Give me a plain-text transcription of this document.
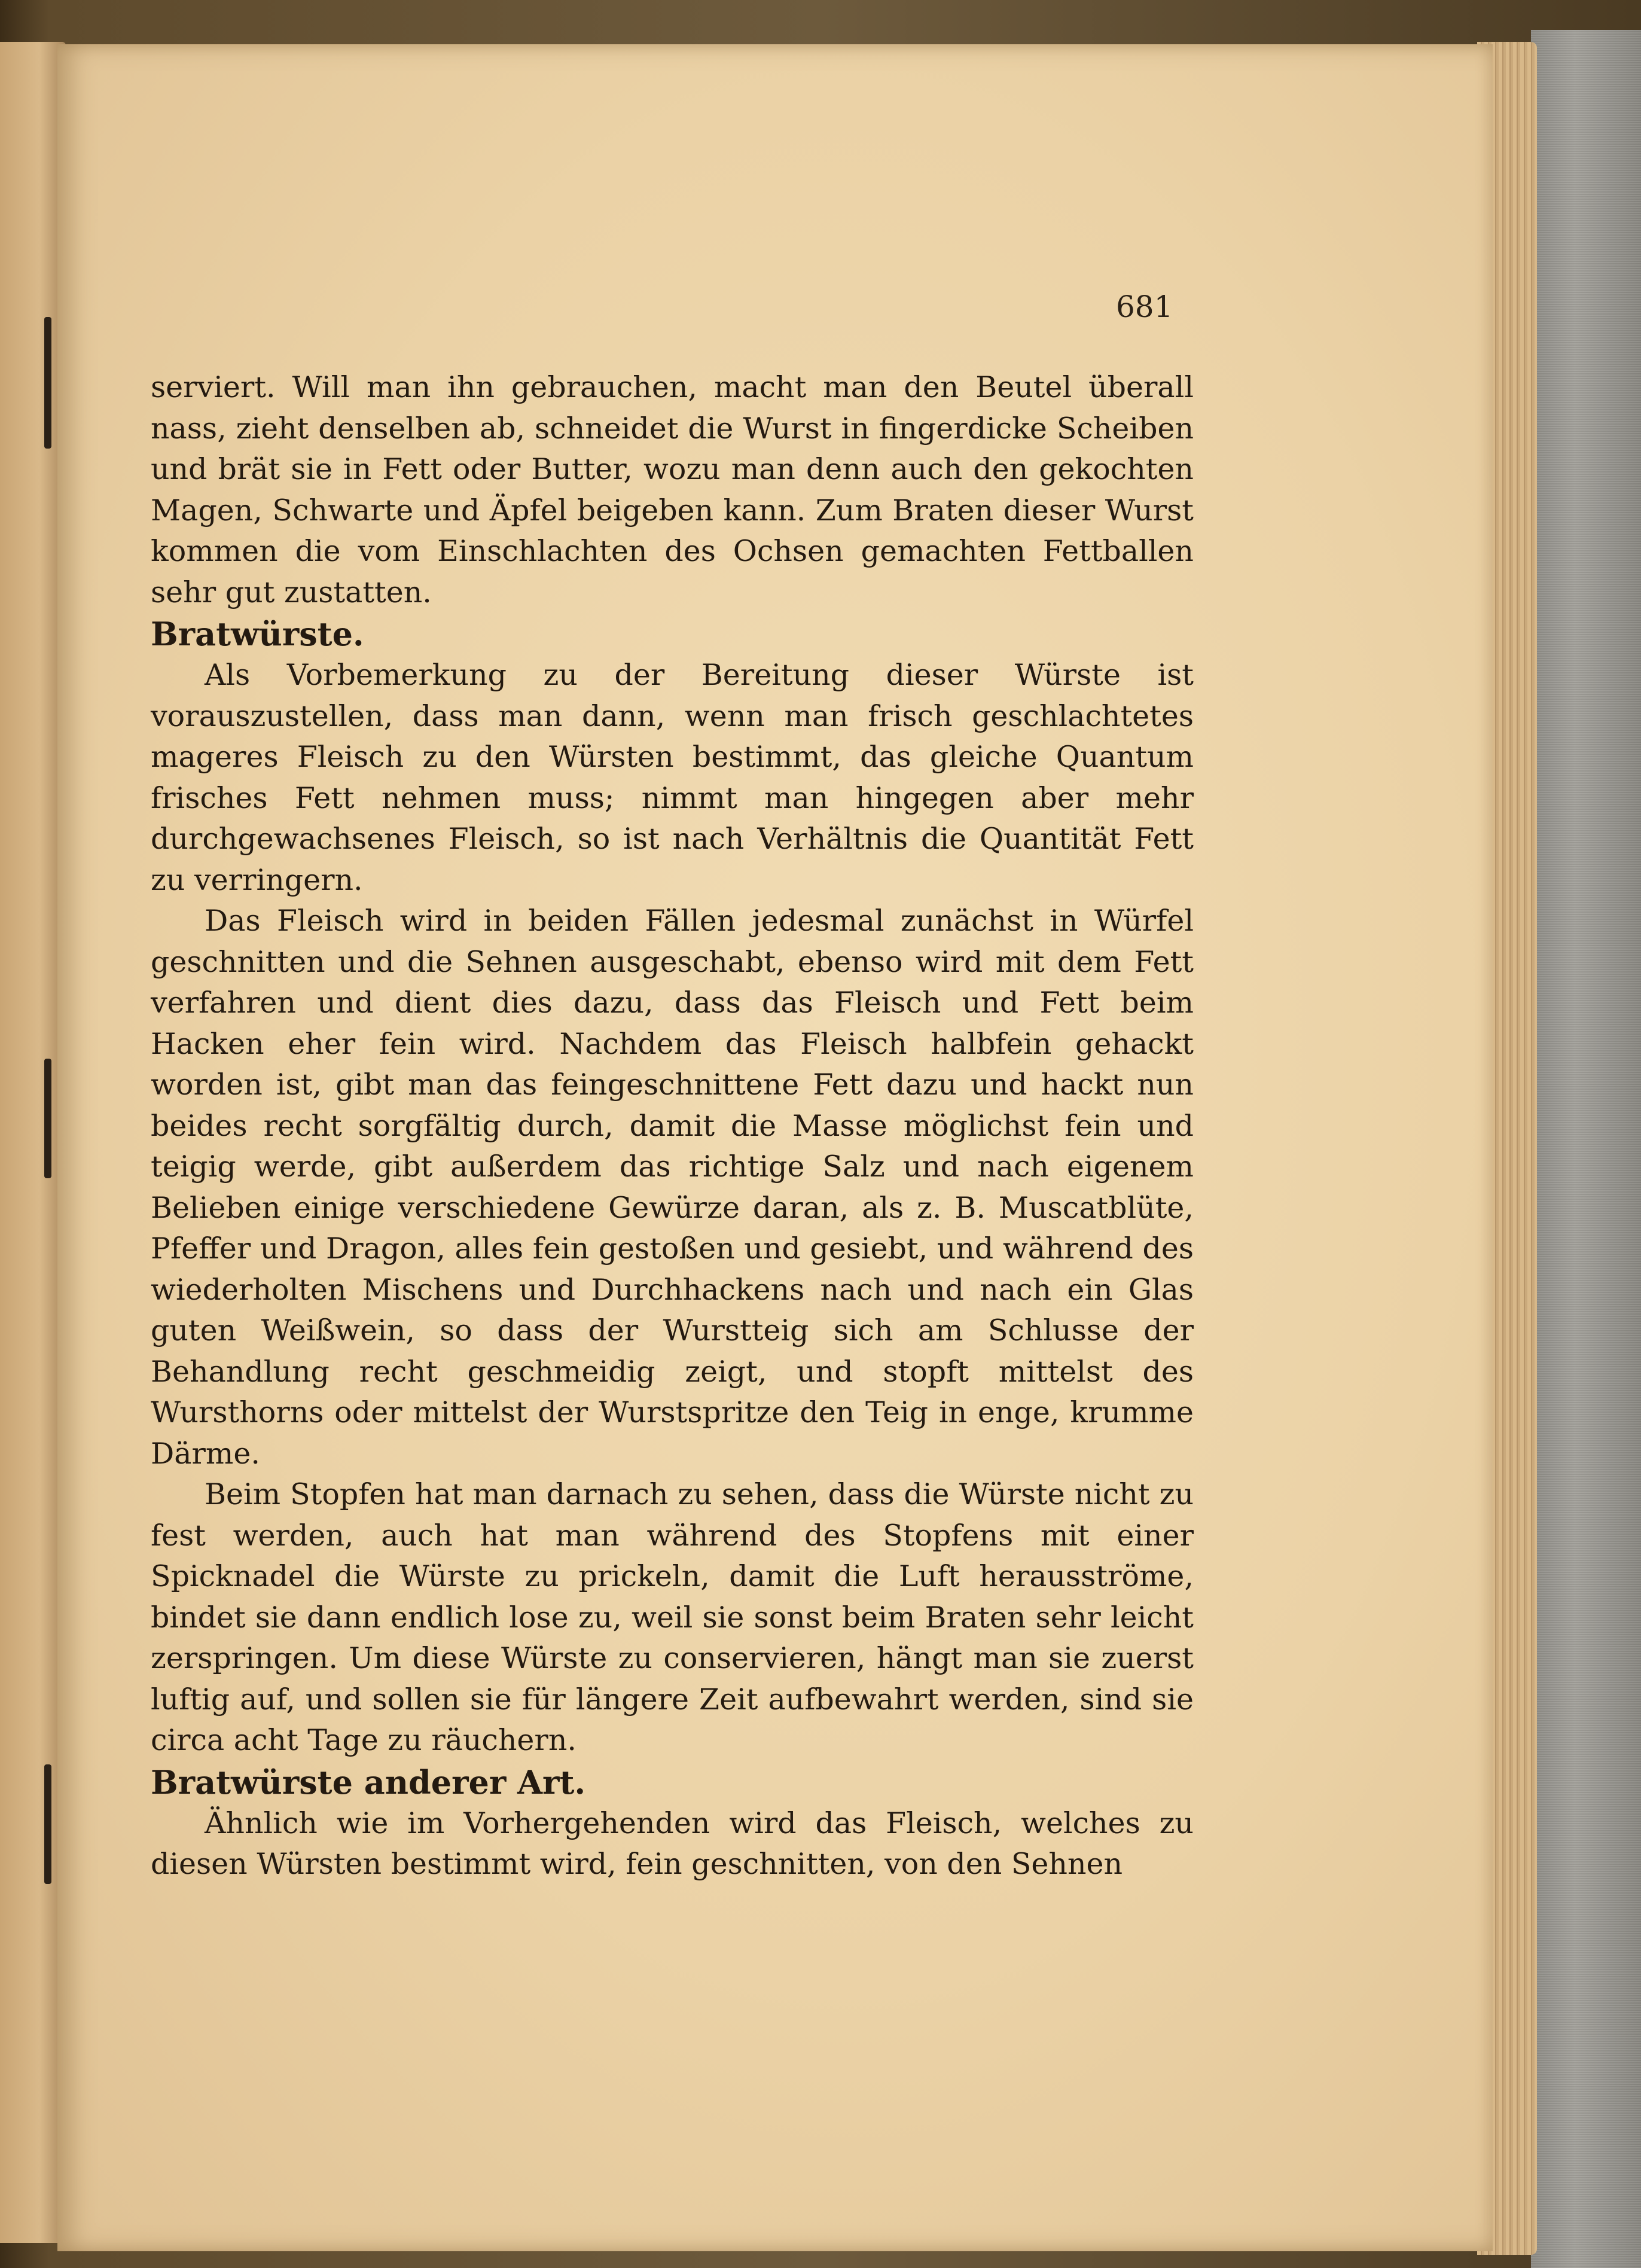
681

serviert. Will man ihn gebrauchen, macht man den Beutel überall nass, zieht denselben ab, schneidet die Wurst in fingerdicke Scheiben und brät sie in Fett oder Butter, wozu man denn auch den gekochten Magen, Schwarte und Äpfel beigeben kann. Zum Braten dieser Wurst kommen die vom Einschlachten des Ochsen gemachten Fettballen sehr gut zustatten.

Bratwürste.

Als Vorbemerkung zu der Bereitung dieser Würste ist vorauszustellen, dass man dann, wenn man frisch geschlachtetes mageres Fleisch zu den Würsten bestimmt, das gleiche Quantum frisches Fett nehmen muss; nimmt man hingegen aber mehr durchgewachsenes Fleisch, so ist nach Verhältnis die Quantität Fett zu verringern.

Das Fleisch wird in beiden Fällen jedesmal zunächst in Würfel geschnitten und die Sehnen ausgeschabt, ebenso wird mit dem Fett verfahren und dient dies dazu, dass das Fleisch und Fett beim Hacken eher fein wird. Nachdem das Fleisch halbfein gehackt worden ist, gibt man das feingeschnittene Fett dazu und hackt nun beides recht sorgfältig durch, damit die Masse möglichst fein und teigig werde, gibt außerdem das richtige Salz und nach eigenem Belieben einige verschiedene Gewürze daran, als z. B. Muscatblüte, Pfeffer und Dragon, alles fein gestoßen und gesiebt, und während des wiederholten Mischens und Durchhackens nach und nach ein Glas guten Weißwein, so dass der Wurstteig sich am Schlusse der Behandlung recht geschmeidig zeigt, und stopft mittelst des Wursthorns oder mittelst der Wurstspritze den Teig in enge, krumme Därme.

Beim Stopfen hat man darnach zu sehen, dass die Würste nicht zu fest werden, auch hat man während des Stopfens mit einer Spicknadel die Würste zu prickeln, damit die Luft herausströme, bindet sie dann endlich lose zu, weil sie sonst beim Braten sehr leicht zerspringen. Um diese Würste zu conservieren, hängt man sie zuerst luftig auf, und sollen sie für längere Zeit aufbewahrt werden, sind sie circa acht Tage zu räuchern.

Bratwürste anderer Art.

Ähnlich wie im Vorhergehenden wird das Fleisch, welches zu diesen Würsten bestimmt wird, fein geschnitten, von den Sehnen
